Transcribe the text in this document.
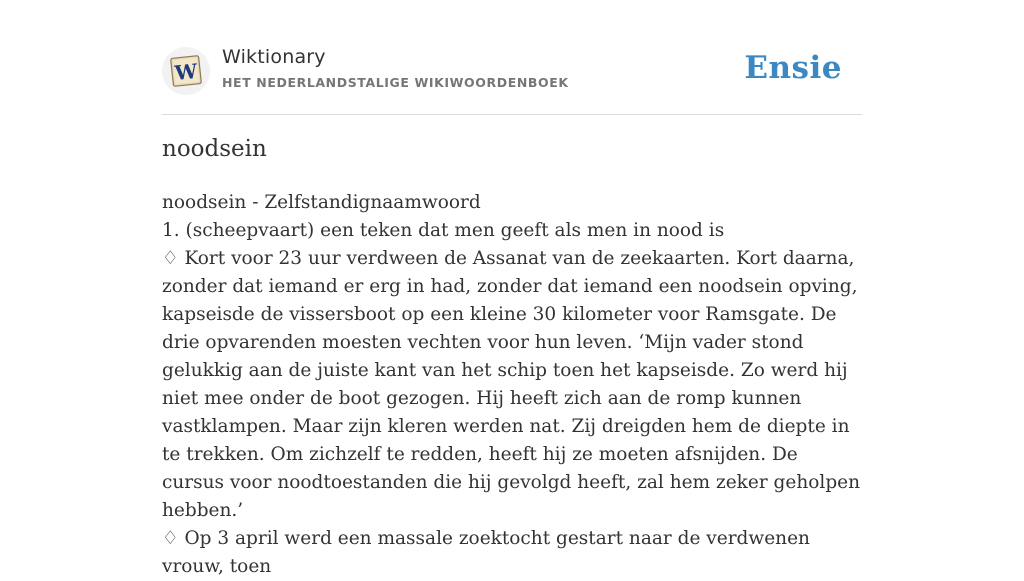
W
Wiktionary
HET NEDERLANDSTALIGE WIKIWOORDENBOEK	Ensie
noodsein

noodsein - Zelfstandignaamwoord

1. (scheepvaart) een teken dat men geeft als men in nood is

♢ Kort voor 23 uur verdween de Assanat van de zeekaarten. Kort daarna, zonder dat iemand er erg in had, zonder dat iemand een noodsein opving, kapseisde de vissersboot op een kleine 30 kilometer voor Ramsgate. De drie opvarenden moesten vechten voor hun leven. ‘Mijn vader stond gelukkig aan de juiste kant van het schip toen het kapseisde. Zo werd hij niet mee onder de boot gezogen. Hij heeft zich aan de romp kunnen vastklampen. Maar zijn kleren werden nat. Zij dreigden hem de diepte in te trekken. Om zichzelf te redden, heeft hij ze moeten afsnijden. De cursus voor noodtoestanden die hij gevolgd heeft, zal hem zeker geholpen hebben.’

♢ Op 3 april werd een massale zoektocht gestart naar de verdwenen vrouw, toen
